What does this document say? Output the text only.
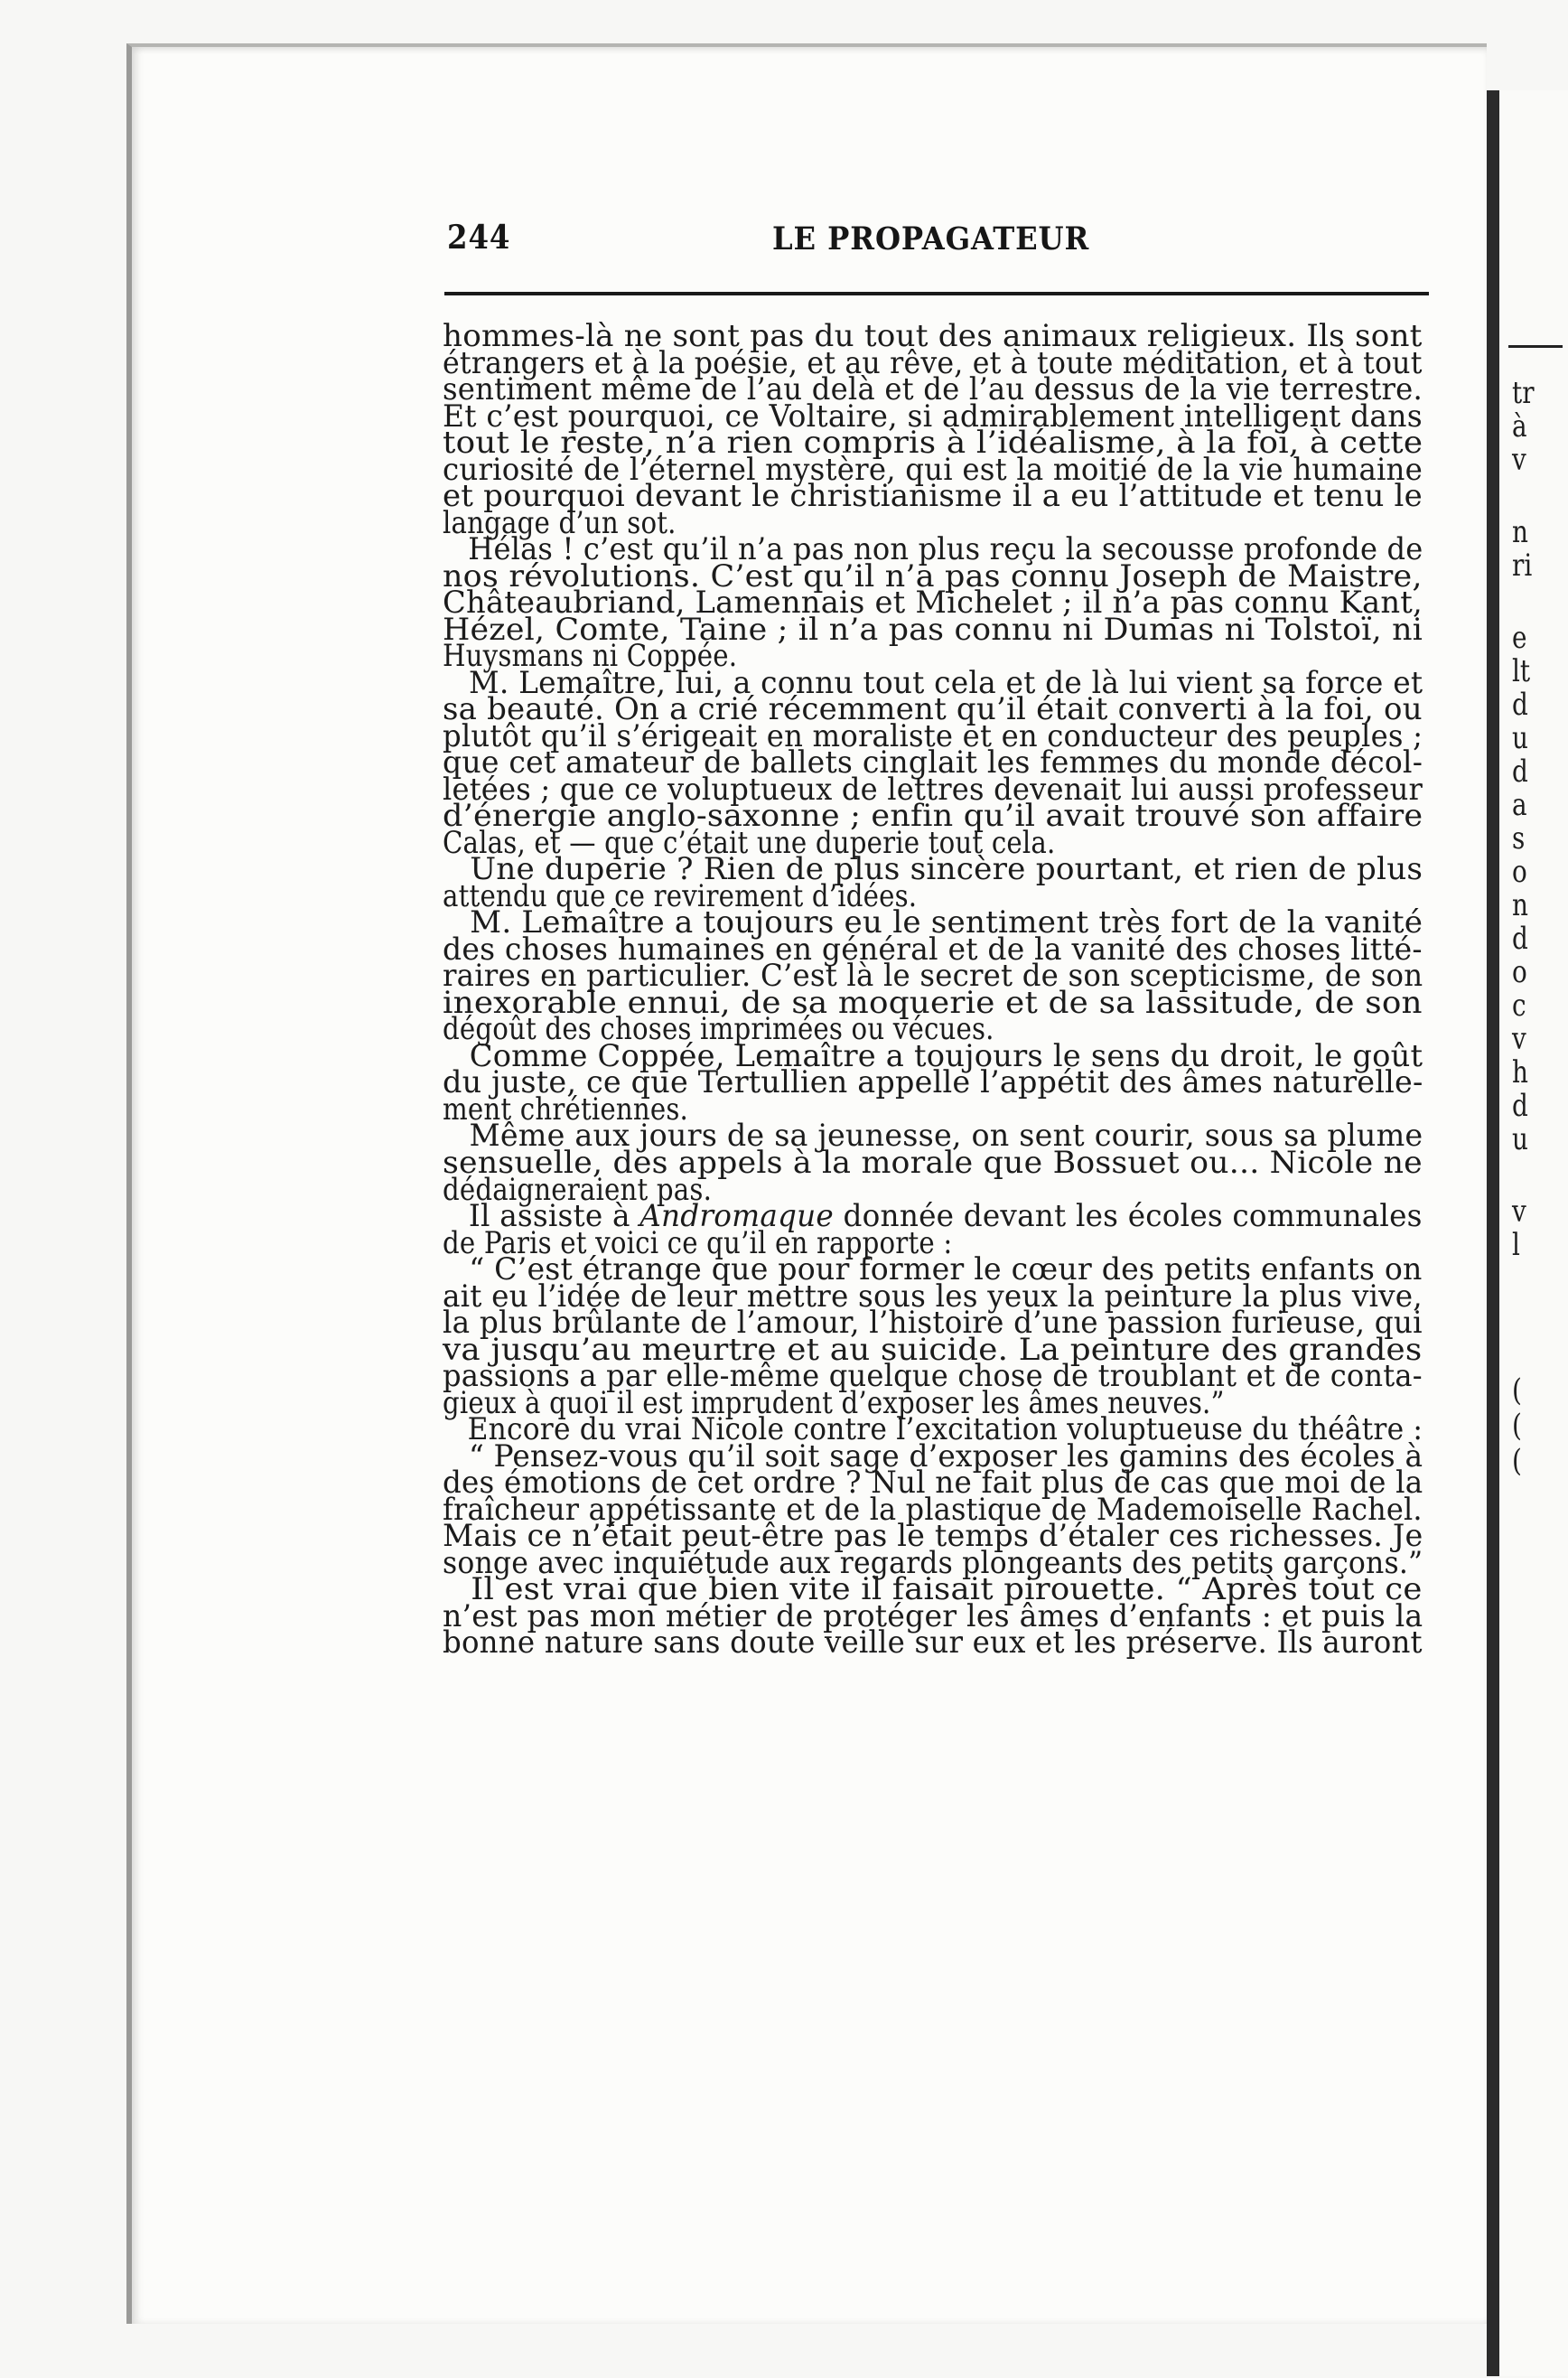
tr
à
v
n
ri
e
lt
d
u
d
a
s
o
n
d
o
c
v
h
d
u
v
l
(
(
(
244	LE PROPAGATEUR
hommes-là ne sont pas du tout des animaux religieux. Ils sont
étrangers et à la poésie, et au rêve, et à toute méditation, et à tout
sentiment même de l’au delà et de l’au dessus de la vie terrestre.
Et c’est pourquoi, ce Voltaire, si admirablement intelligent dans
tout le reste, n’a rien compris à l’idéalisme, à la foi, à cette
curiosité de l’éternel mystère, qui est la moitié de la vie humaine
et pourquoi devant le christianisme il a eu l’attitude et tenu le
langage d’un sot.
Hélas ! c’est qu’il n’a pas non plus reçu la secousse profonde de
nos révolutions. C’est qu’il n’a pas connu Joseph de Maistre,
Châteaubriand, Lamennais et Michelet ; il n’a pas connu Kant,
Hézel, Comte, Taine ; il n’a pas connu ni Dumas ni Tolstoï, ni
Huysmans ni Coppée.
M. Lemaître, lui, a connu tout cela et de là lui vient sa force et
sa beauté. On a crié récemment qu’il était converti à la foi, ou
plutôt qu’il s’érigeait en moraliste et en conducteur des peuples ;
que cet amateur de ballets cinglait les femmes du monde décol-
letées ; que ce voluptueux de lettres devenait lui aussi professeur
d’énergie anglo-saxonne ; enfin qu’il avait trouvé son affaire
Calas, et — que c’était une duperie tout cela.
Une duperie ? Rien de plus sincère pourtant, et rien de plus
attendu que ce revirement d’idées.
M. Lemaître a toujours eu le sentiment très fort de la vanité
des choses humaines en général et de la vanité des choses litté-
raires en particulier. C’est là le secret de son scepticisme, de son
inexorable ennui, de sa moquerie et de sa lassitude, de son
dégoût des choses imprimées ou vécues.
Comme Coppée, Lemaître a toujours le sens du droit, le goût
du juste, ce que Tertullien appelle l’appétit des âmes naturelle-
ment chrétiennes.
Même aux jours de sa jeunesse, on sent courir, sous sa plume
sensuelle, des appels à la morale que Bossuet ou... Nicole ne
dédaigneraient pas.
Il assiste à Andromaque donnée devant les écoles communales
de Paris et voici ce qu’il en rapporte :
“ C’est étrange que pour former le cœur des petits enfants on
ait eu l’idée de leur mettre sous les yeux la peinture la plus vive,
la plus brûlante de l’amour, l’histoire d’une passion furieuse, qui
va jusqu’au meurtre et au suicide. La peinture des grandes
passions a par elle-même quelque chose de troublant et de conta-
gieux à quoi il est imprudent d’exposer les âmes neuves.”
Encore du vrai Nicole contre l’excitation voluptueuse du théâtre :
“ Pensez-vous qu’il soit sage d’exposer les gamins des écoles à
des émotions de cet ordre ? Nul ne fait plus de cas que moi de la
fraîcheur appétissante et de la plastique de Mademoiselle Rachel.
Mais ce n’était peut-être pas le temps d’étaler ces richesses. Je
songe avec inquiétude aux regards plongeants des petits garçons.”
Il est vrai que bien vite il faisait pirouette. “ Après tout ce
n’est pas mon métier de protéger les âmes d’enfants : et puis la
bonne nature sans doute veille sur eux et les préserve. Ils auront
